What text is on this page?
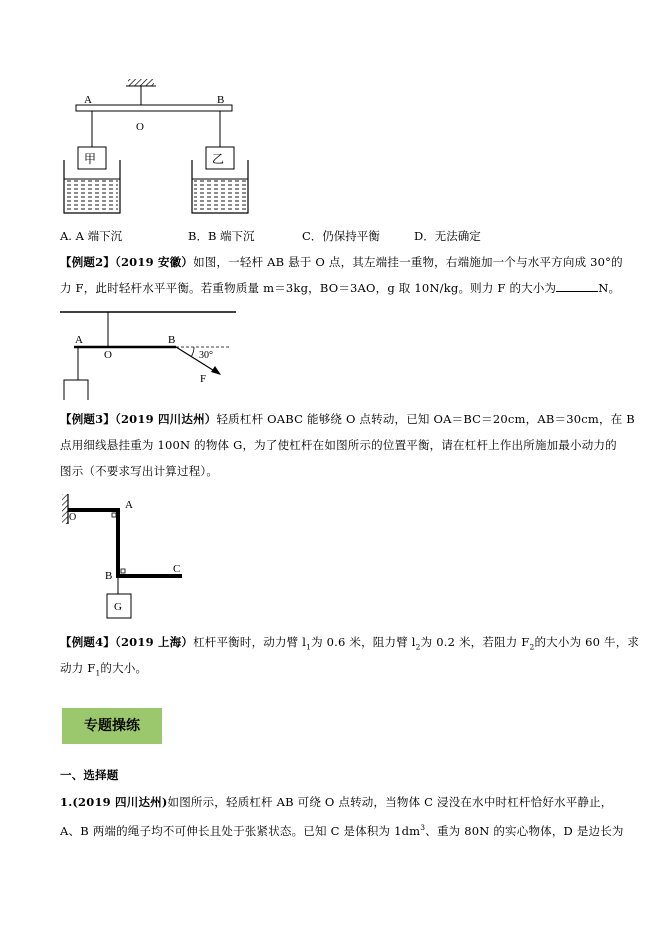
A	B
O
甲	乙
A. A 端下沉	B．B 端下沉	C．仍保持平衡	D．无法确定
【例题2】（2019 安徽）如图，一轻杆 AB 悬于 O 点，其左端挂一重物，右端施加一个与水平方向成 30°的
力 F，此时轻杆水平平衡。若重物质量 m＝3kg，BO＝3AO，g 取 10N/kg。则力 F 的大小为	N。
A
O
B
30°
F
【例题3】（2019 四川达州）轻质杠杆 OABC 能够绕 O 点转动，已知 OA＝BC＝20cm，AB＝30cm，在 B
点用细线悬挂重为 100N 的物体 G，为了使杠杆在如图所示的位置平衡，请在杠杆上作出所施加最小动力的
图示（不要求写出计算过程）。
O
A
B
C
G
【例题4】（2019 上海）杠杆平衡时，动力臂 $l_1$为 0.6 米，阻力臂 $l_2$为 0.2 米，若阻力 $F_2$的大小为 60 牛，求
动力 $F_1$的大小。
专题操练
一、选择题
1.(2019 四川达州)如图所示，轻质杠杆 AB 可绕 O 点转动，当物体 C 浸没在水中时杠杆恰好水平静止，
A、B 两端的绳子均不可伸长且处于张紧状态。已知 C 是体积为 $1dm^3$、重为 80N 的实心物体，D 是边长为
